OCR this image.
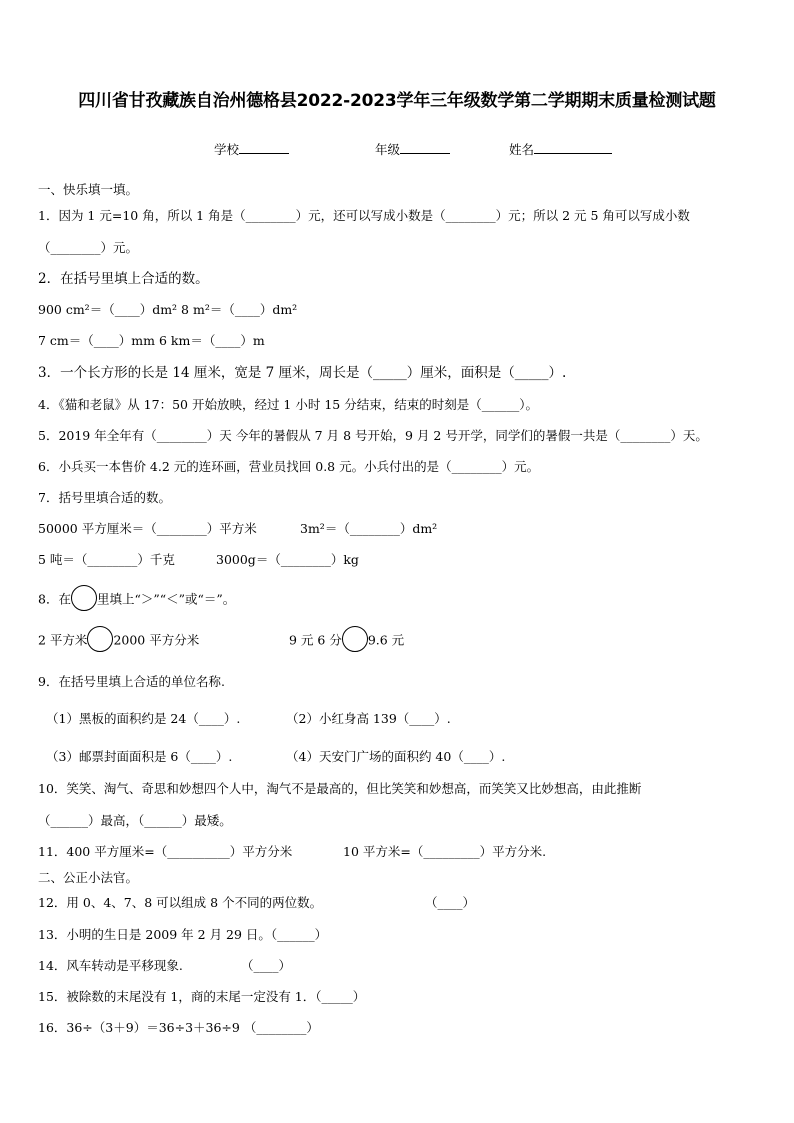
四川省甘孜藏族自治州德格县2022-2023学年三年级数学第二学期期末质量检测试题
学校	年级	姓名
一、快乐填一填。
1．因为 1 元=10 角，所以 1 角是（________）元，还可以写成小数是（________）元；所以 2 元 5 角可以写成小数
（________）元。
2．在括号里填上合适的数。
900 cm²＝（____）dm² 8 m²＝（____）dm²
7 cm＝（____）mm 6 km＝（____）m
3．一个长方形的长是 14 厘米，宽是 7 厘米，周长是（_____）厘米，面积是（_____）.
4．《猫和老鼠》从 17：50 开始放映，经过 1 小时 15 分结束，结束的时刻是（______）。
5．2019 年全年有（________）天 今年的暑假从 7 月 8 号开始，9 月 2 号开学，同学们的暑假一共是（________）天。
6．小兵买一本售价 4.2 元的连环画，营业员找回 0.8 元。小兵付出的是（________）元。
7．括号里填合适的数。
50000 平方厘米＝（________）平方米	3m²＝（________）dm²
5 吨＝（________）千克	3000g＝（________）kg
8．在 里填上“＞”“＜”或“＝”。
2 平方米 2000 平方分米	9 元 6 分 9.6 元
9．在括号里填上合适的单位名称.
（1）黑板的面积约是 24（____）.	（2）小红身高 139（____）.
（3）邮票封面面积是 6（____）.	（4）天安门广场的面积约 40（____）.
10．笑笑、淘气、奇思和妙想四个人中，淘气不是最高的，但比笑笑和妙想高，而笑笑又比妙想高，由此推断
（______）最高，（______）最矮。
11．400 平方厘米=（__________）平方分米	10 平方米=（_________）平方分米.
二、公正小法官。
12．用 0、4、7、8 可以组成 8 个不同的两位数。	（____）
13．小明的生日是 2009 年 2 月 29 日。（______）
14．风车转动是平移现象.	（____）
15．被除数的末尾没有 1，商的末尾一定没有 1．（_____）
16．36÷（3＋9）＝36÷3＋36÷9 （________）
